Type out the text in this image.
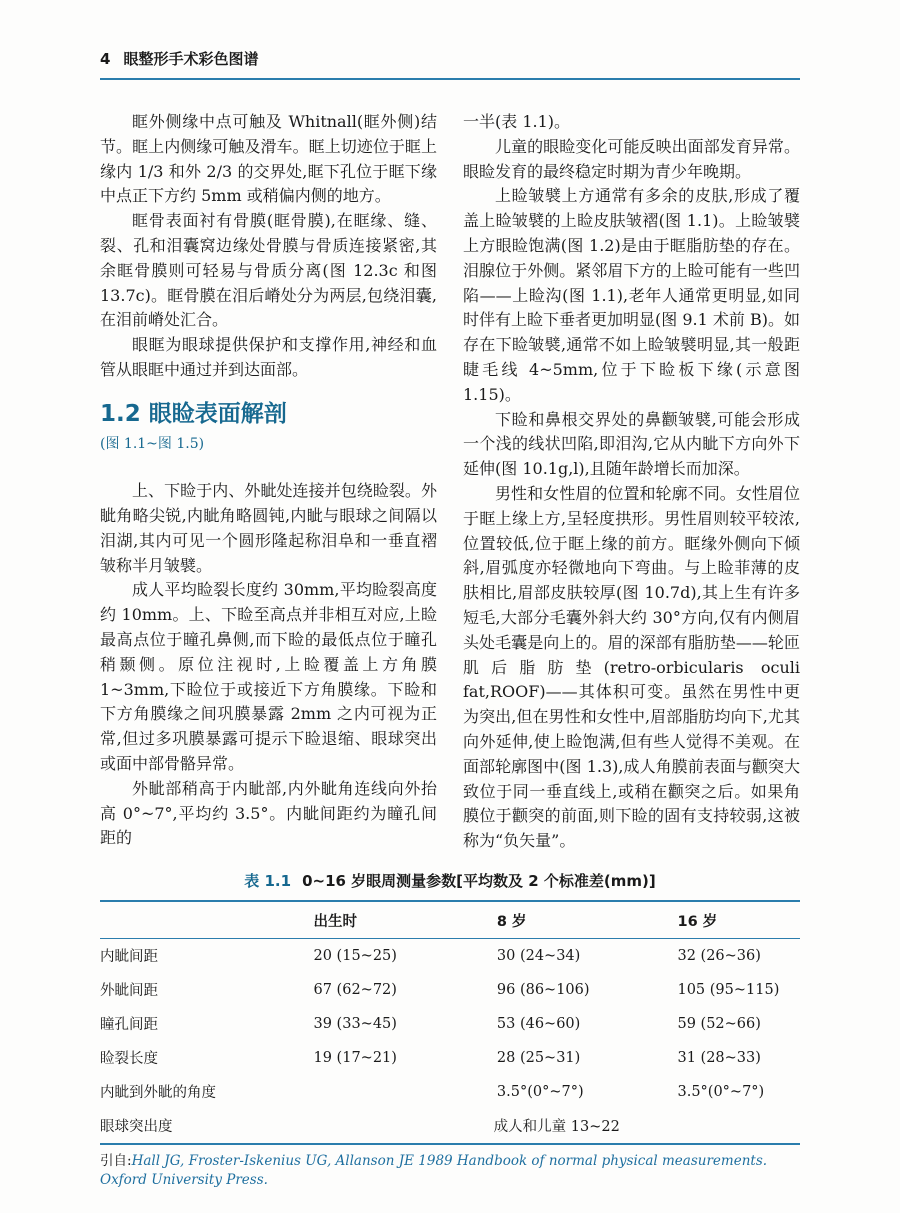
4 眼整形手术彩色图谱

眶外侧缘中点可触及 Whitnall(眶外侧)结节。眶上内侧缘可触及滑车。眶上切迹位于眶上缘内 1/3 和外 2/3 的交界处,眶下孔位于眶下缘中点正下方约 5mm 或稍偏内侧的地方。

眶骨表面衬有骨膜(眶骨膜),在眶缘、缝、裂、孔和泪囊窝边缘处骨膜与骨质连接紧密,其余眶骨膜则可轻易与骨质分离(图 12.3c 和图 13.7c)。眶骨膜在泪后嵴处分为两层,包绕泪囊,在泪前嵴处汇合。

眼眶为眼球提供保护和支撑作用,神经和血管从眼眶中通过并到达面部。

1.2 眼睑表面解剖
(图 1.1~图 1.5)

上、下睑于内、外眦处连接并包绕睑裂。外眦角略尖锐,内眦角略圆钝,内眦与眼球之间隔以泪湖,其内可见一个圆形隆起称泪阜和一垂直褶皱称半月皱襞。

成人平均睑裂长度约 30mm,平均睑裂高度约 10mm。上、下睑至高点并非相互对应,上睑最高点位于瞳孔鼻侧,而下睑的最低点位于瞳孔稍颞侧。原位注视时,上睑覆盖上方角膜 1~3mm,下睑位于或接近下方角膜缘。下睑和下方角膜缘之间巩膜暴露 2mm 之内可视为正常,但过多巩膜暴露可提示下睑退缩、眼球突出或面中部骨骼异常。

外眦部稍高于内眦部,内外眦角连线向外抬高 0°~7°,平均约 3.5°。内眦间距约为瞳孔间距的

一半(表 1.1)。

儿童的眼睑变化可能反映出面部发育异常。眼睑发育的最终稳定时期为青少年晚期。

上睑皱襞上方通常有多余的皮肤,形成了覆盖上睑皱襞的上睑皮肤皱褶(图 1.1)。上睑皱襞上方眼睑饱满(图 1.2)是由于眶脂肪垫的存在。泪腺位于外侧。紧邻眉下方的上睑可能有一些凹陷——上睑沟(图 1.1),老年人通常更明显,如同时伴有上睑下垂者更加明显(图 9.1 术前 B)。如存在下睑皱襞,通常不如上睑皱襞明显,其一般距睫毛线 4~5mm,位于下睑板下缘(示意图 1.15)。

下睑和鼻根交界处的鼻颧皱襞,可能会形成一个浅的线状凹陷,即泪沟,它从内眦下方向外下延伸(图 10.1g,l),且随年龄增长而加深。

男性和女性眉的位置和轮廓不同。女性眉位于眶上缘上方,呈轻度拱形。男性眉则较平较浓,位置较低,位于眶上缘的前方。眶缘外侧向下倾斜,眉弧度亦轻微地向下弯曲。与上睑菲薄的皮肤相比,眉部皮肤较厚(图 10.7d),其上生有许多短毛,大部分毛囊外斜大约 30°方向,仅有内侧眉头处毛囊是向上的。眉的深部有脂肪垫——轮匝肌后脂肪垫(retro-orbicularis oculi fat,ROOF)——其体积可变。虽然在男性中更为突出,但在男性和女性中,眉部脂肪均向下,尤其向外延伸,使上睑饱满,但有些人觉得不美观。在面部轮廓图中(图 1.3),成人角膜前表面与颧突大致位于同一垂直线上,或稍在颧突之后。如果角膜位于颧突的前面,则下睑的固有支持较弱,这被称为“负矢量”。

表 1.1 0~16 岁眼周测量参数[平均数及 2 个标准差(mm)]
	出生时	8 岁	16 岁
内眦间距	20 (15~25)	30 (24~34)	32 (26~36)
外眦间距	67 (62~72)	96 (86~106)	105 (95~115)
瞳孔间距	39 (33~45)	53 (46~60)	59 (52~66)
睑裂长度	19 (17~21)	28 (25~31)	31 (28~33)
内眦到外眦的角度		3.5°(0°~7°)	3.5°(0°~7°)
眼球突出度	成人和儿童 13~22		
引自:Hall JG, Froster-Iskenius UG, Allanson JE 1989 Handbook of normal physical measurements. Oxford University Press.
